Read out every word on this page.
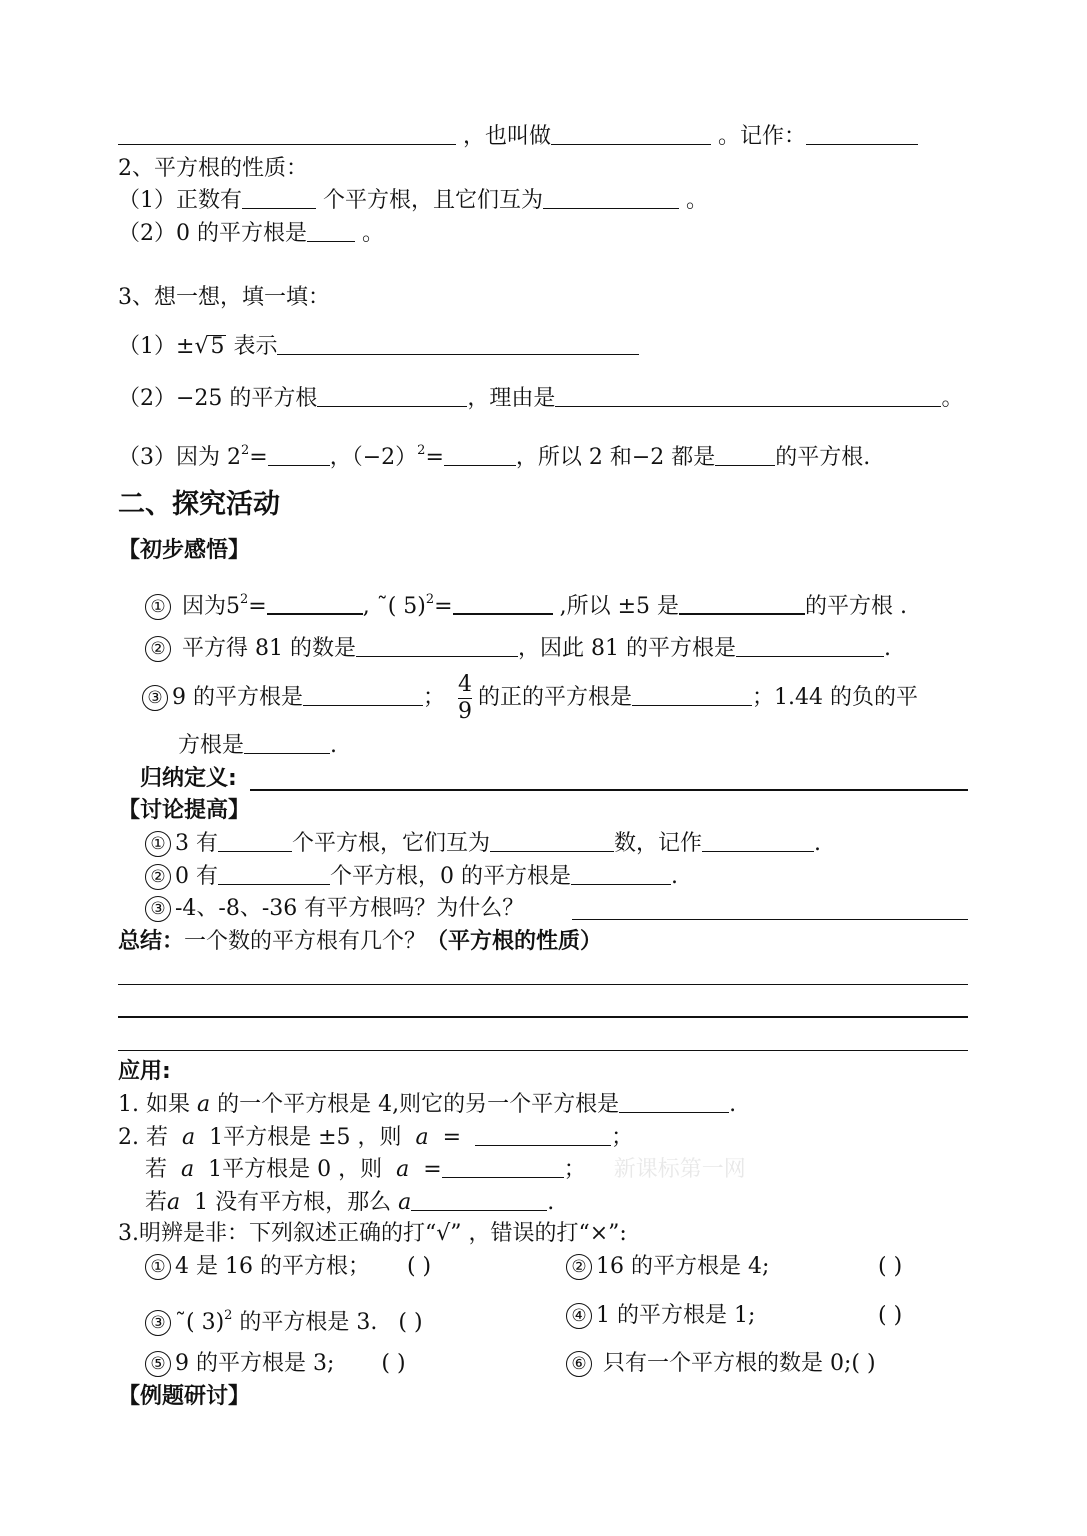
，也叫做	。记作：
2、平方根的性质：
（1）正数有	个平方根，且它们互为	。
（2）0 的平方根是	。
3、想一想，填一填：
（1）±√5 表示
（2）−25 的平方根	，理由是	。
（3）因为 $2^2=$	，$(-2)^2=$	，所以 2 和−2 都是	的平方根.
二、探究活动
【初步感悟】
① 因为$5^2=$	, ˜( 5)$^2$=	,所以 ±5 是	的平方根 .
② 平方得 81 的数是	，因此 81 的平方根是	.
③ 9 的平方根是	； $\frac{4}{9}$ 的正的平方根是	；1.44 的负的平
方根是	.
归纳定义:
【讨论提高】
① 3 有	个平方根，它们互为	数，记作	.
② 0 有	个平方根，0 的平方根是	.
③ -4、-8、-36 有平方根吗？为什么？
总结：一个数的平方根有几个？（平方根的性质）
应用:
1. 如果 a 的一个平方根是 4,则它的另一个平方根是	.
2. 若 a 1平方根是 ±5 ，则 a =	；
若 a 1平方根是 0 ，则 a =	； 新课标第一网
若a 1 没有平方根，那么 a	.
3.明辨是非：下列叙述正确的打“√” ，错误的打“×”:
① 4 是 16 的平方根； ( )	② 16 的平方根是 4;	( )
③ ˜( 3)$^2$ 的平方根是 3. ( )	④ 1 的平方根是 1;	( )
⑤ 9 的平方根是 3; ( )	⑥ 只有一个平方根的数是 0;( )
【例题研讨】
